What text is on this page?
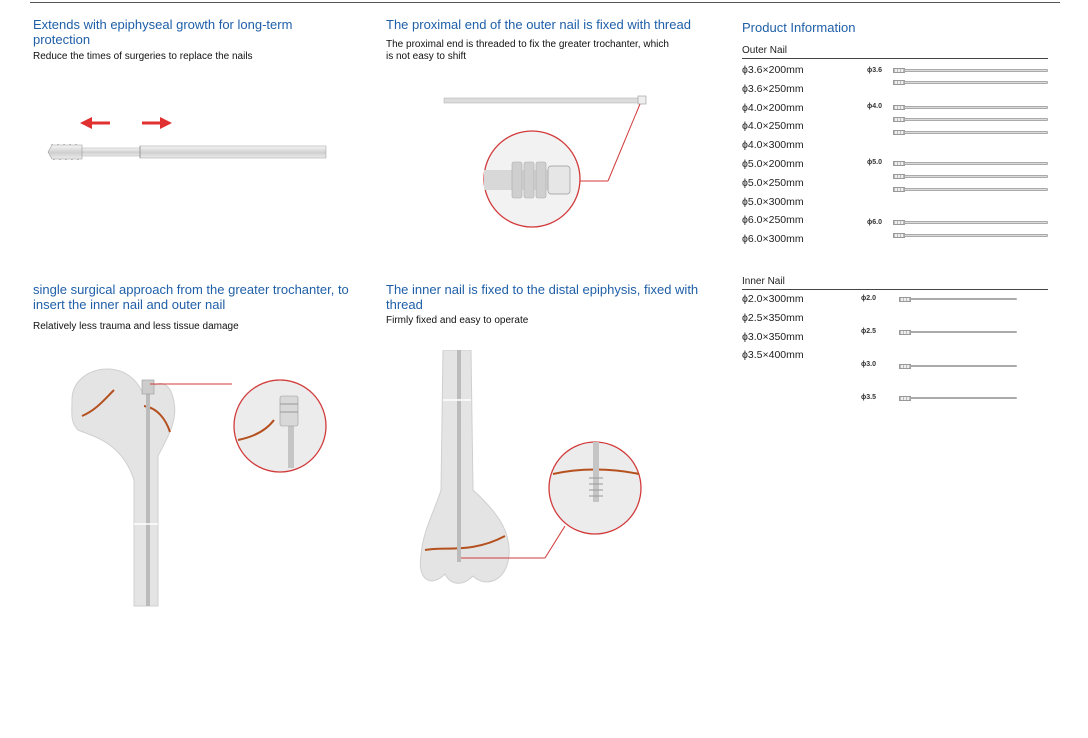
Extends with epiphyseal growth for long-term protection
Reduce the times of surgeries to replace the nails
The proximal end of the outer nail is fixed with thread
The proximal end is threaded to fix the greater trochanter, which is not easy to shift
single surgical approach from the greater trochanter, to insert the inner nail and outer nail
Relatively less trauma and less tissue damage
The inner nail is fixed to the distal epiphysis, fixed with thread
Firmly fixed and easy to operate
Product Information
Outer Nail
ϕ3.6×200mm
ϕ3.6×250mm
ϕ4.0×200mm
ϕ4.0×250mm
ϕ4.0×300mm
ϕ5.0×200mm
ϕ5.0×250mm
ϕ5.0×300mm
ϕ6.0×250mm
ϕ6.0×300mm
ϕ3.6
ϕ4.0
ϕ5.0
ϕ6.0
Inner Nail
ϕ2.0×300mm
ϕ2.5×350mm
ϕ3.0×350mm
ϕ3.5×400mm
ϕ2.0
ϕ2.5
ϕ3.0
ϕ3.5
